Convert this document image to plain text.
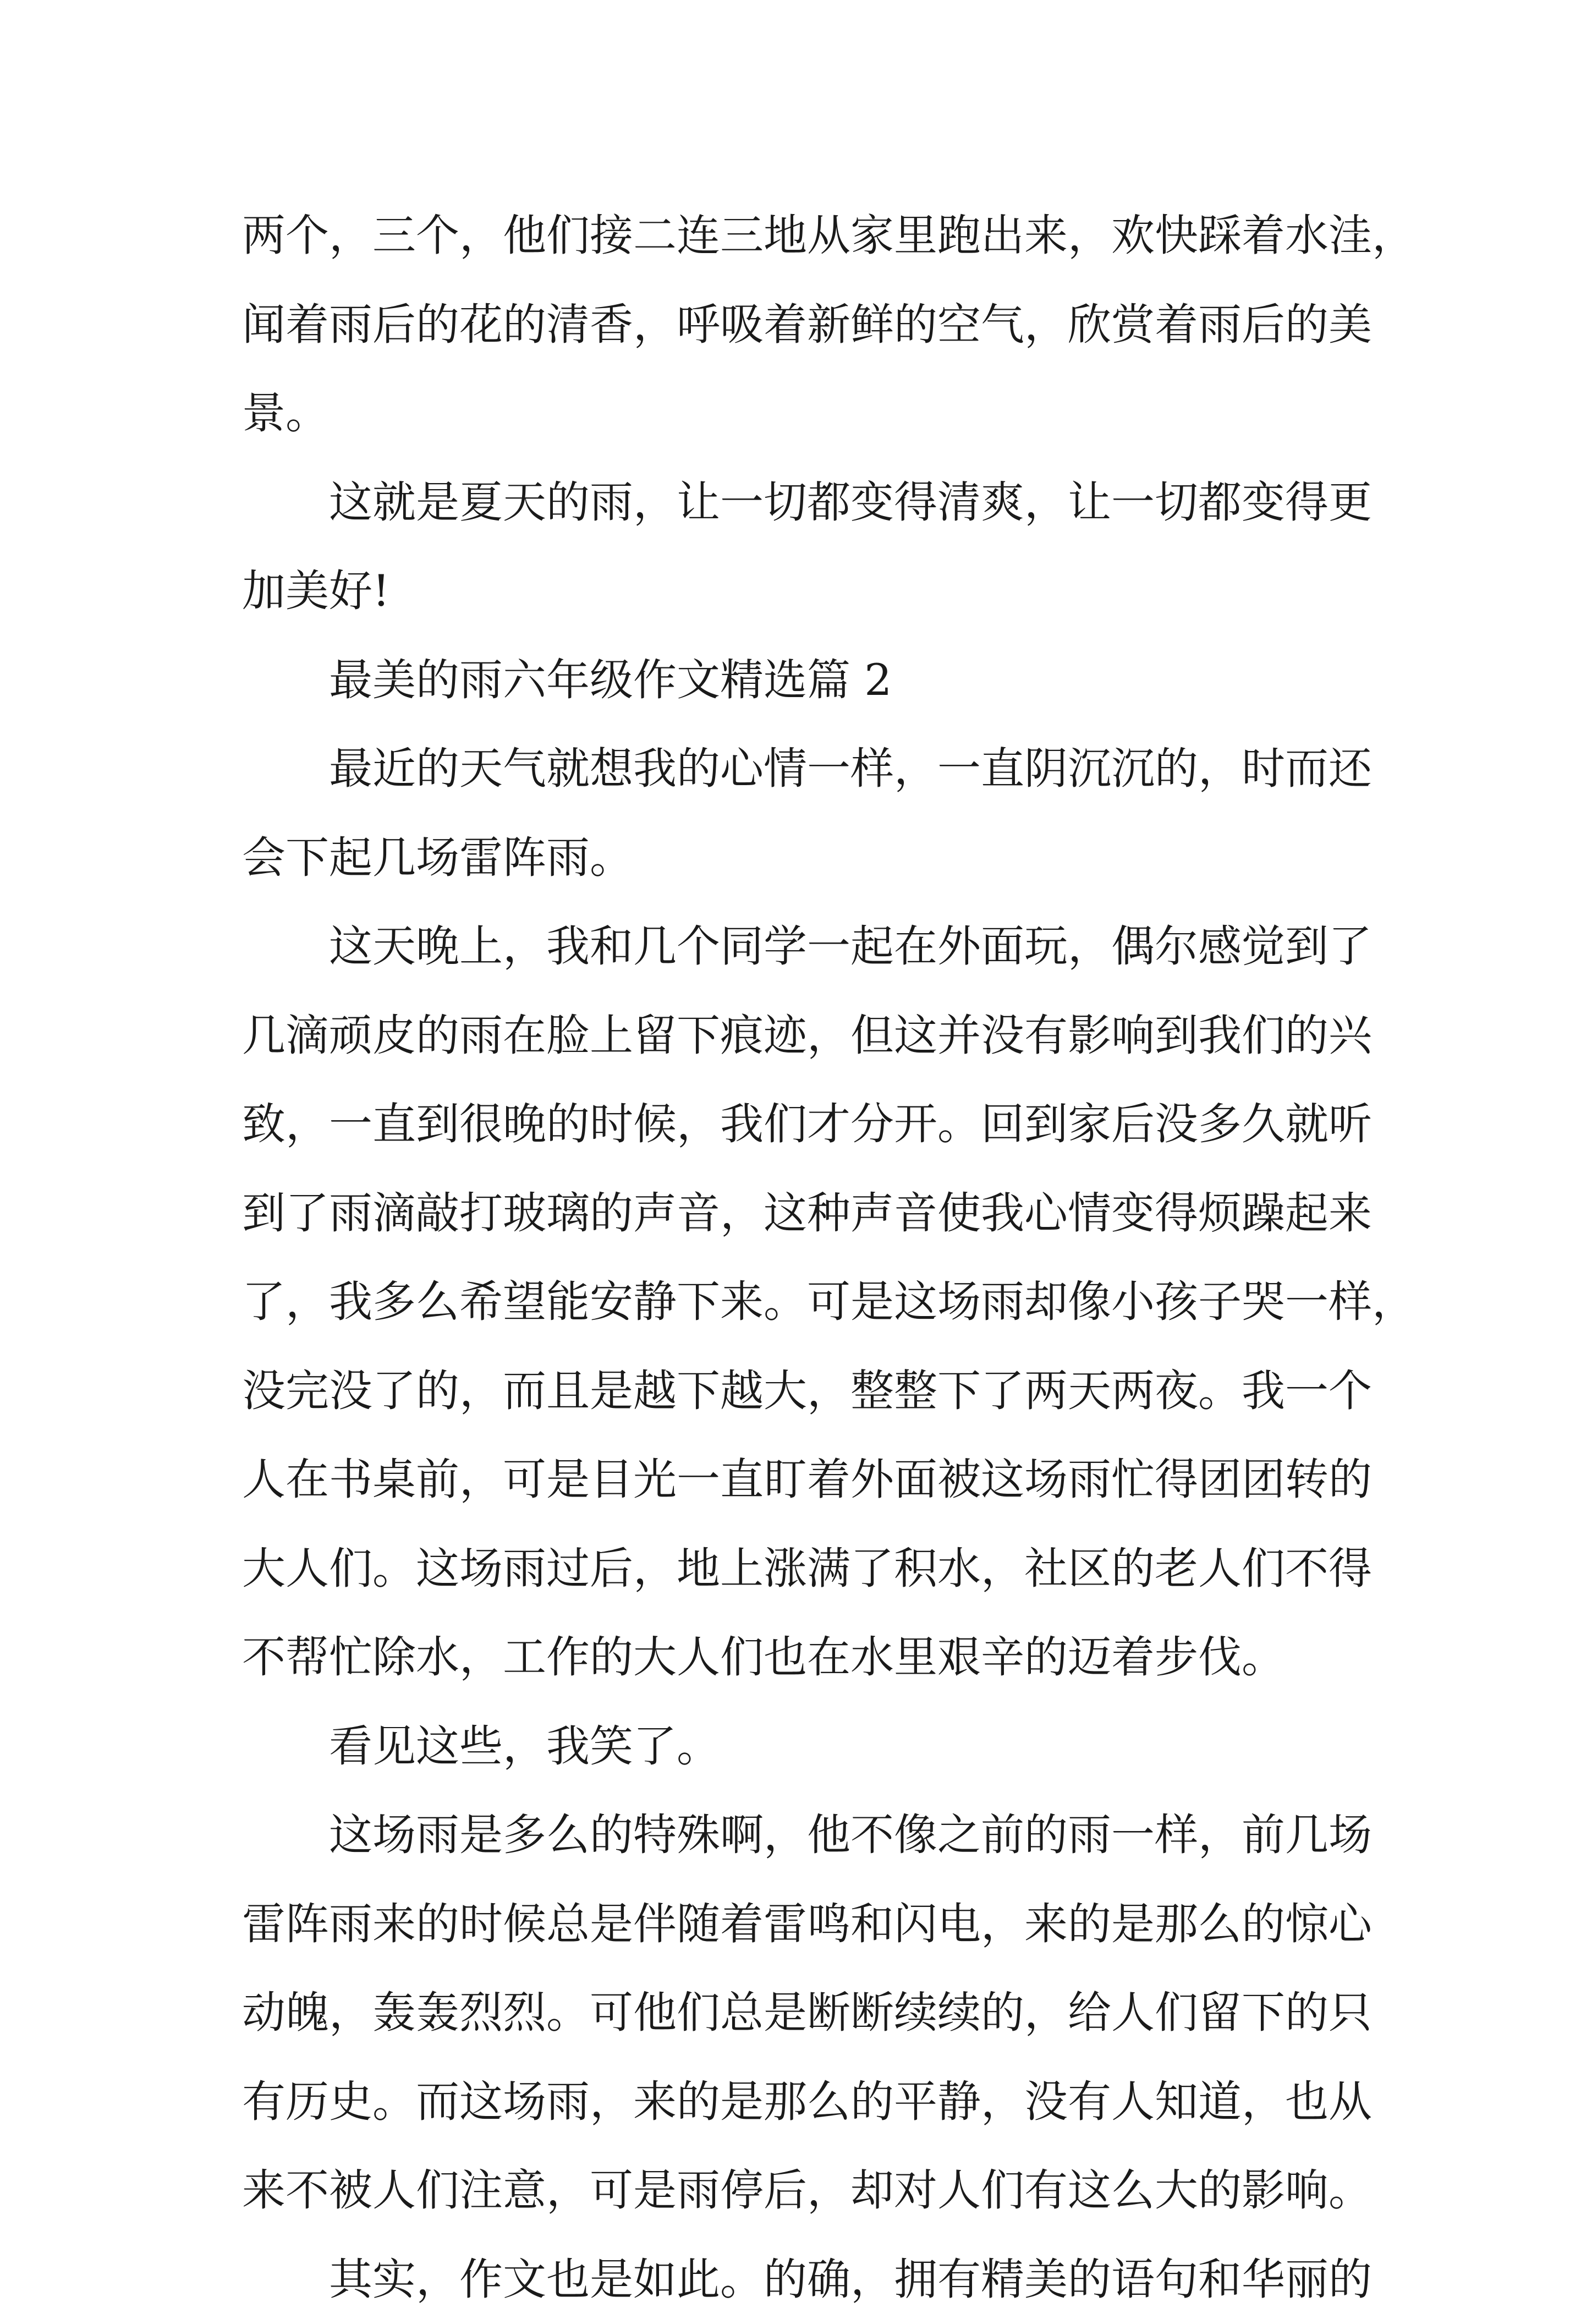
两个，三个，他们接二连三地从家里跑出来，欢快踩着水洼，
闻着雨后的花的清香，呼吸着新鲜的空气，欣赏着雨后的美
景。
这就是夏天的雨，让一切都变得清爽，让一切都变得更
加美好!
最美的雨六年级作文精选篇 2
最近的天气就想我的心情一样，一直阴沉沉的，时而还
会下起几场雷阵雨。
这天晚上，我和几个同学一起在外面玩，偶尔感觉到了
几滴顽皮的雨在脸上留下痕迹，但这并没有影响到我们的兴
致，一直到很晚的时候，我们才分开。回到家后没多久就听
到了雨滴敲打玻璃的声音，这种声音使我心情变得烦躁起来
了，我多么希望能安静下来。可是这场雨却像小孩子哭一样，
没完没了的，而且是越下越大，整整下了两天两夜。我一个
人在书桌前，可是目光一直盯着外面被这场雨忙得团团转的
大人们。这场雨过后，地上涨满了积水，社区的老人们不得
不帮忙除水，工作的大人们也在水里艰辛的迈着步伐。
看见这些，我笑了。
这场雨是多么的特殊啊，他不像之前的雨一样，前几场
雷阵雨来的时候总是伴随着雷鸣和闪电，来的是那么的惊心
动魄，轰轰烈烈。可他们总是断断续续的，给人们留下的只
有历史。而这场雨，来的是那么的平静，没有人知道，也从
来不被人们注意，可是雨停后，却对人们有这么大的影响。
其实，作文也是如此。的确，拥有精美的语句和华丽的
